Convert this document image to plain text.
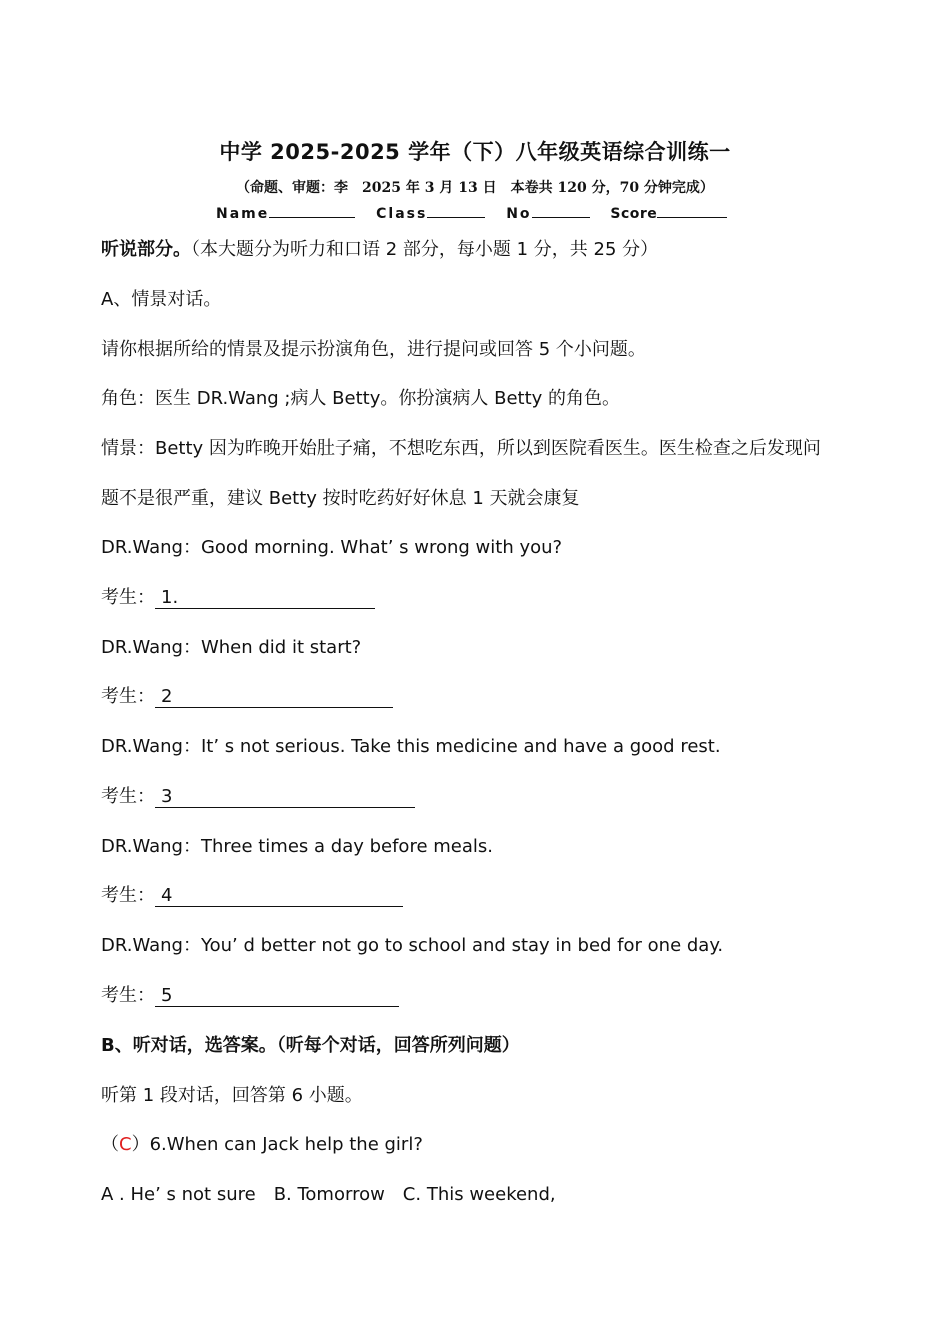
中学 2025-2025 学年（下）八年级英语综合训练一
（命题、审题：李　2025 年 3 月 13 日　本卷共 120 分，70 分钟完成）
Name	Class	No	Score
听说部分。（本大题分为听力和口语 2 部分，每小题 1 分，共 25 分）
A、情景对话。
请你根据所给的情景及提示扮演角色，进行提问或回答 5 个小问题。
角色：医生 DR.Wang ;病人 Betty。你扮演病人 Betty 的角色。
情景：Betty 因为昨晚开始肚子痛，不想吃东西，所以到医院看医生。医生检查之后发现问
题不是很严重，建议 Betty 按时吃药好好休息 1 天就会康复
DR.Wang：Good morning. What’ s wrong with you?
考生： 1.
DR.Wang：When did it start?
考生： 2
DR.Wang：It’ s not serious. Take this medicine and have a good rest.
考生： 3
DR.Wang：Three times a day before meals.
考生： 4
DR.Wang：You’ d better not go to school and stay in bed for one day.
考生： 5
B、听对话，选答案。（听每个对话，回答所列问题）
听第 1 段对话，回答第 6 小题。
（C）6.When can Jack help the girl?
A . He’ s not sure　B. Tomorrow　C. This weekend,
